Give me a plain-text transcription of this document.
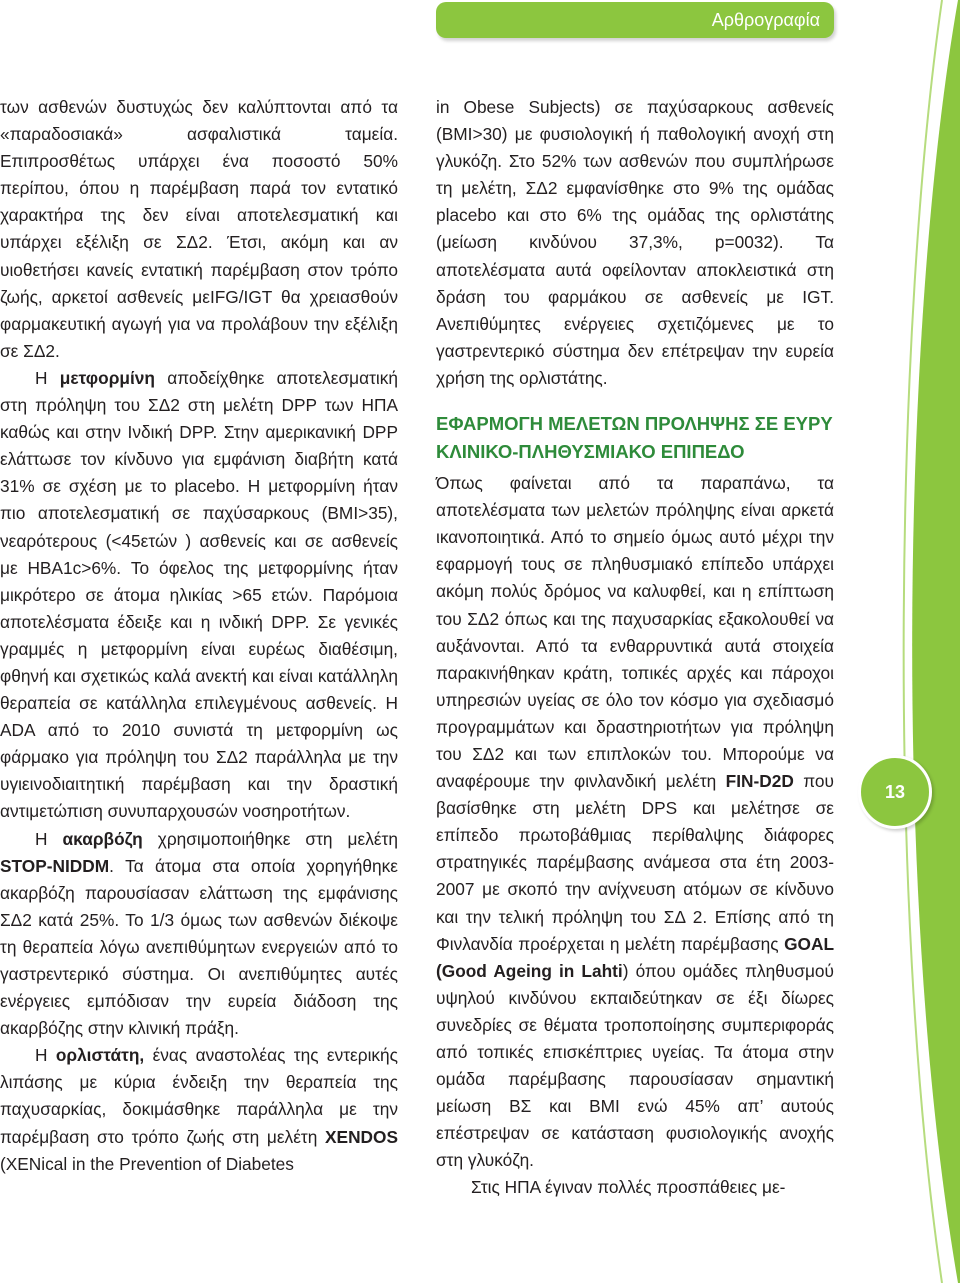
Αρθρογραφία
13

των ασθενών δυστυχώς δεν καλύπτονται από τα «παραδοσιακά» ασφαλιστικά ταμεία. Επιπροσθέτως υπάρχει ένα ποσοστό 50% περίπου, όπου η παρέμβαση παρά τον εντατικό χαρακτήρα της δεν είναι αποτελεσματική και υπάρχει εξέλιξη σε ΣΔ2. Έτσι, ακόμη και αν υιοθετήσει κανείς εντατική παρέμβαση στον τρόπο ζωής, αρκετοί ασθενείς μεIFG/IGT θα χρειασθούν φαρμακευτική αγωγή για να προλάβουν την εξέλιξη σε ΣΔ2.

Η μετφορμίνη αποδείχθηκε αποτελεσματική στη πρόληψη του ΣΔ2 στη μελέτη DPP των ΗΠΑ καθώς και στην Ινδική DPP. Στην αμερικανική DPP ελάττωσε τον κίνδυνο για εμφάνιση διαβήτη κατά 31% σε σχέση με το placebo. Η μετφορμίνη ήταν πιο αποτελεσματική σε παχύσαρκους (BMI>35), νεαρότερους (<45ετών ) ασθενείς και σε ασθενείς με HBA1c>6%. Το όφελος της μετφορμίνης ήταν μικρότερο σε άτομα ηλικίας >65 ετών. Παρόμοια αποτελέσματα έδειξε και η ινδική DPP. Σε γενικές γραμμές η μετφορμίνη είναι ευρέως διαθέσιμη, φθηνή και σχετικώς καλά ανεκτή και είναι κατάλληλη θεραπεία σε κατάλληλα επιλεγμένους ασθενείς. Η ADA από το 2010 συνιστά τη μετφορμίνη ως φάρμακο για πρόληψη του ΣΔ2 παράλληλα με την υγιεινοδιαιτητική παρέμβαση και την δραστική αντιμετώπιση συνυπαρχουσών νοσηροτήτων.

Η ακαρβόζη χρησιμοποιήθηκε στη μελέτη STOP-NIDDM. Τα άτομα στα οποία χορηγήθηκε ακαρβόζη παρουσίασαν ελάττωση της εμφάνισης ΣΔ2 κατά 25%. Το 1/3 όμως των ασθενών διέκοψε τη θεραπεία λόγω ανεπιθύμητων ενεργειών από το γαστρεντερικό σύστημα. Οι ανεπιθύμητες αυτές ενέργειες εμπόδισαν την ευρεία διάδοση της ακαρβόζης στην κλινική πράξη.

Η ορλιστάτη, ένας αναστολέας της εντερικής λιπάσης με κύρια ένδειξη την θεραπεία της παχυσαρκίας, δοκιμάσθηκε παράλληλα με την παρέμβαση στο τρόπο ζωής στη μελέτη XENDOS (XENical in the Prevention of Diabetes

in Obese Subjects) σε παχύσαρκους ασθενείς (BMI>30) με φυσιολογική ή παθολογική ανοχή στη γλυκόζη. Στο 52% των ασθενών που συμπλήρωσε τη μελέτη, ΣΔ2 εμφανίσθηκε στο 9% της ομάδας placebo και στο 6% της ομάδας της ορλιστάτης (μείωση κινδύνου 37,3%, p=0032). Τα αποτελέσματα αυτά οφείλονταν αποκλειστικά στη δράση του φαρμάκου σε ασθενείς με IGT. Ανεπιθύμητες ενέργειες σχετιζόμενες με το γαστρεντερικό σύστημα δεν επέτρεψαν την ευρεία χρήση της ορλιστάτης.

ΕΦΑΡΜΟΓΗ ΜΕΛΕΤΩΝ ΠΡΟΛΗΨΗΣ ΣΕ ΕΥΡΥ ΚΛΙΝΙΚΟ-ΠΛΗΘΥΣΜΙΑΚΟ ΕΠΙΠΕΔΟ

Όπως φαίνεται από τα παραπάνω, τα αποτελέσματα των μελετών πρόληψης είναι αρκετά ικανοποιητικά. Από το σημείο όμως αυτό μέχρι την εφαρμογή τους σε πληθυσμιακό επίπεδο υπάρχει ακόμη πολύς δρόμος να καλυφθεί, και η επίπτωση του ΣΔ2 όπως και της παχυσαρκίας εξακολουθεί να αυξάνονται. Από τα ενθαρρυντικά αυτά στοιχεία παρακινήθηκαν κράτη, τοπικές αρχές και πάροχοι υπηρεσιών υγείας σε όλο τον κόσμο για σχεδιασμό προγραμμάτων και δραστηριοτήτων για πρόληψη του ΣΔ2 και των επιπλοκών του. Μπορούμε να αναφέρουμε την φινλανδική μελέτη FIN-D2D που βασίσθηκε στη μελέτη DPS και μελέτησε σε επίπεδο πρωτοβάθμιας περίθαλψης διάφορες στρατηγικές παρέμβασης ανάμεσα στα έτη 2003-2007 με σκοπό την ανίχνευση ατόμων σε κίνδυνο και την τελική πρόληψη του ΣΔ 2. Επίσης από τη Φινλανδία προέρχεται η μελέτη παρέμβασης GOAL (Good Ageing in Lahti) όπου ομάδες πληθυσμού υψηλού κινδύνου εκπαιδεύτηκαν σε έξι δίωρες συνεδρίες σε θέματα τροποποίησης συμπεριφοράς από τοπικές επισκέπτριες υγείας. Τα άτομα στην ομάδα παρέμβασης παρουσίασαν σημαντική μείωση ΒΣ και BMI ενώ 45% απ’ αυτούς επέστρεψαν σε κατάσταση φυσιολογικής ανοχής στη γλυκόζη.

Στις ΗΠΑ έγιναν πολλές προσπάθειες με-
